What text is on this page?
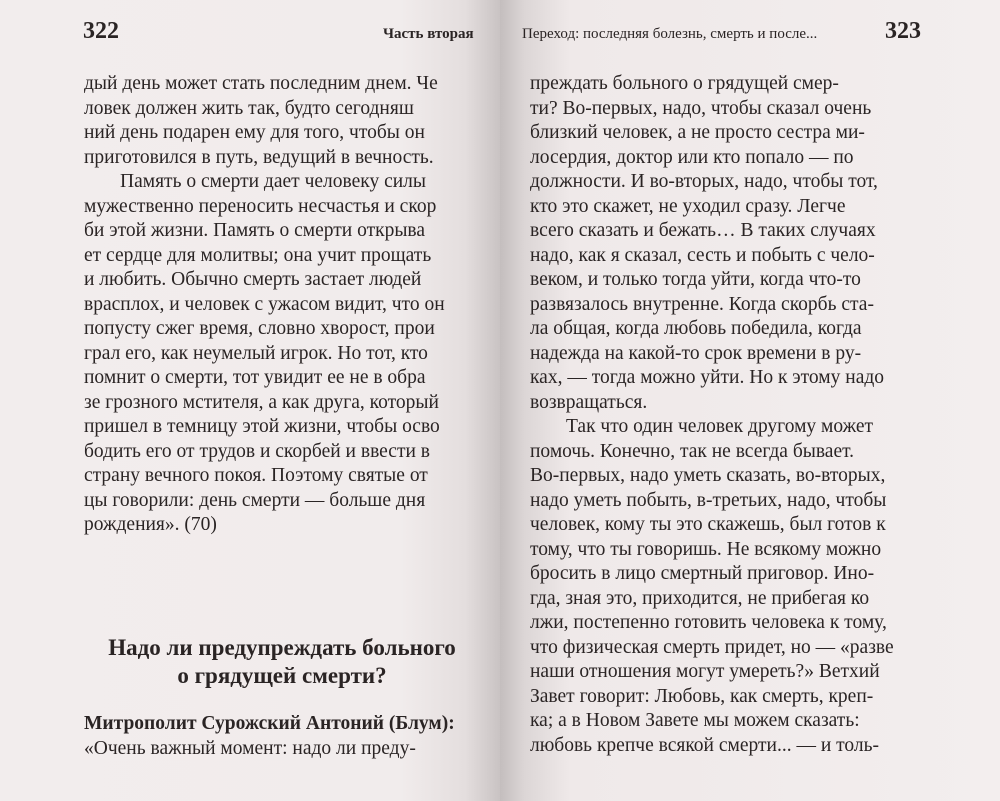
322	Часть вторая
дый день может стать последним днем. Че
ловек должен жить так, будто сегодняш
ний день подарен ему для того, чтобы он
приготовился в путь, ведущий в вечность.
Память о смерти дает человеку силы
мужественно переносить несчастья и скор
би этой жизни. Память о смерти открыва
ет сердце для молитвы; она учит прощать
и любить. Обычно смерть застает людей
врасплох, и человек с ужасом видит, что он
попусту сжег время, словно хворост, прои
грал его, как неумелый игрок. Но тот, кто
помнит о смерти, тот увидит ее не в обра
зе грозного мстителя, а как друга, который
пришел в темницу этой жизни, чтобы осво
бодить его от трудов и скорбей и ввести в
страну вечного покоя. Поэтому святые от
цы говорили: день смерти — больше дня
рождения». (70)
Надо ли предупреждать больного
о грядущей смерти?
Митрополит Сурожский Антоний (Блум):
«Очень важный момент: надо ли преду-
Переход: последняя болезнь, смерть и после...	323
преждать больного о грядущей смер-
ти? Во-первых, надо, чтобы сказал очень
близкий человек, а не просто сестра ми-
лосердия, доктор или кто попало — по
должности. И во-вторых, надо, чтобы тот,
кто это скажет, не уходил сразу. Легче
всего сказать и бежать… В таких случаях
надо, как я сказал, сесть и побыть с чело-
веком, и только тогда уйти, когда что-то
развязалось внутренне. Когда скорбь ста-
ла общая, когда любовь победила, когда
надежда на какой-то срок времени в ру-
ках, — тогда можно уйти. Но к этому надо
возвращаться.
Так что один человек другому может
помочь. Конечно, так не всегда бывает.
Во-первых, надо уметь сказать, во-вторых,
надо уметь побыть, в-третьих, надо, чтобы
человек, кому ты это скажешь, был готов к
тому, что ты говоришь. Не всякому можно
бросить в лицо смертный приговор. Ино-
гда, зная это, приходится, не прибегая ко
лжи, постепенно готовить человека к тому,
что физическая смерть придет, но — «разве
наши отношения могут умереть?» Ветхий
Завет говорит: Любовь, как смерть, креп-
ка; а в Новом Завете мы можем сказать:
любовь крепче всякой смерти... — и толь-
